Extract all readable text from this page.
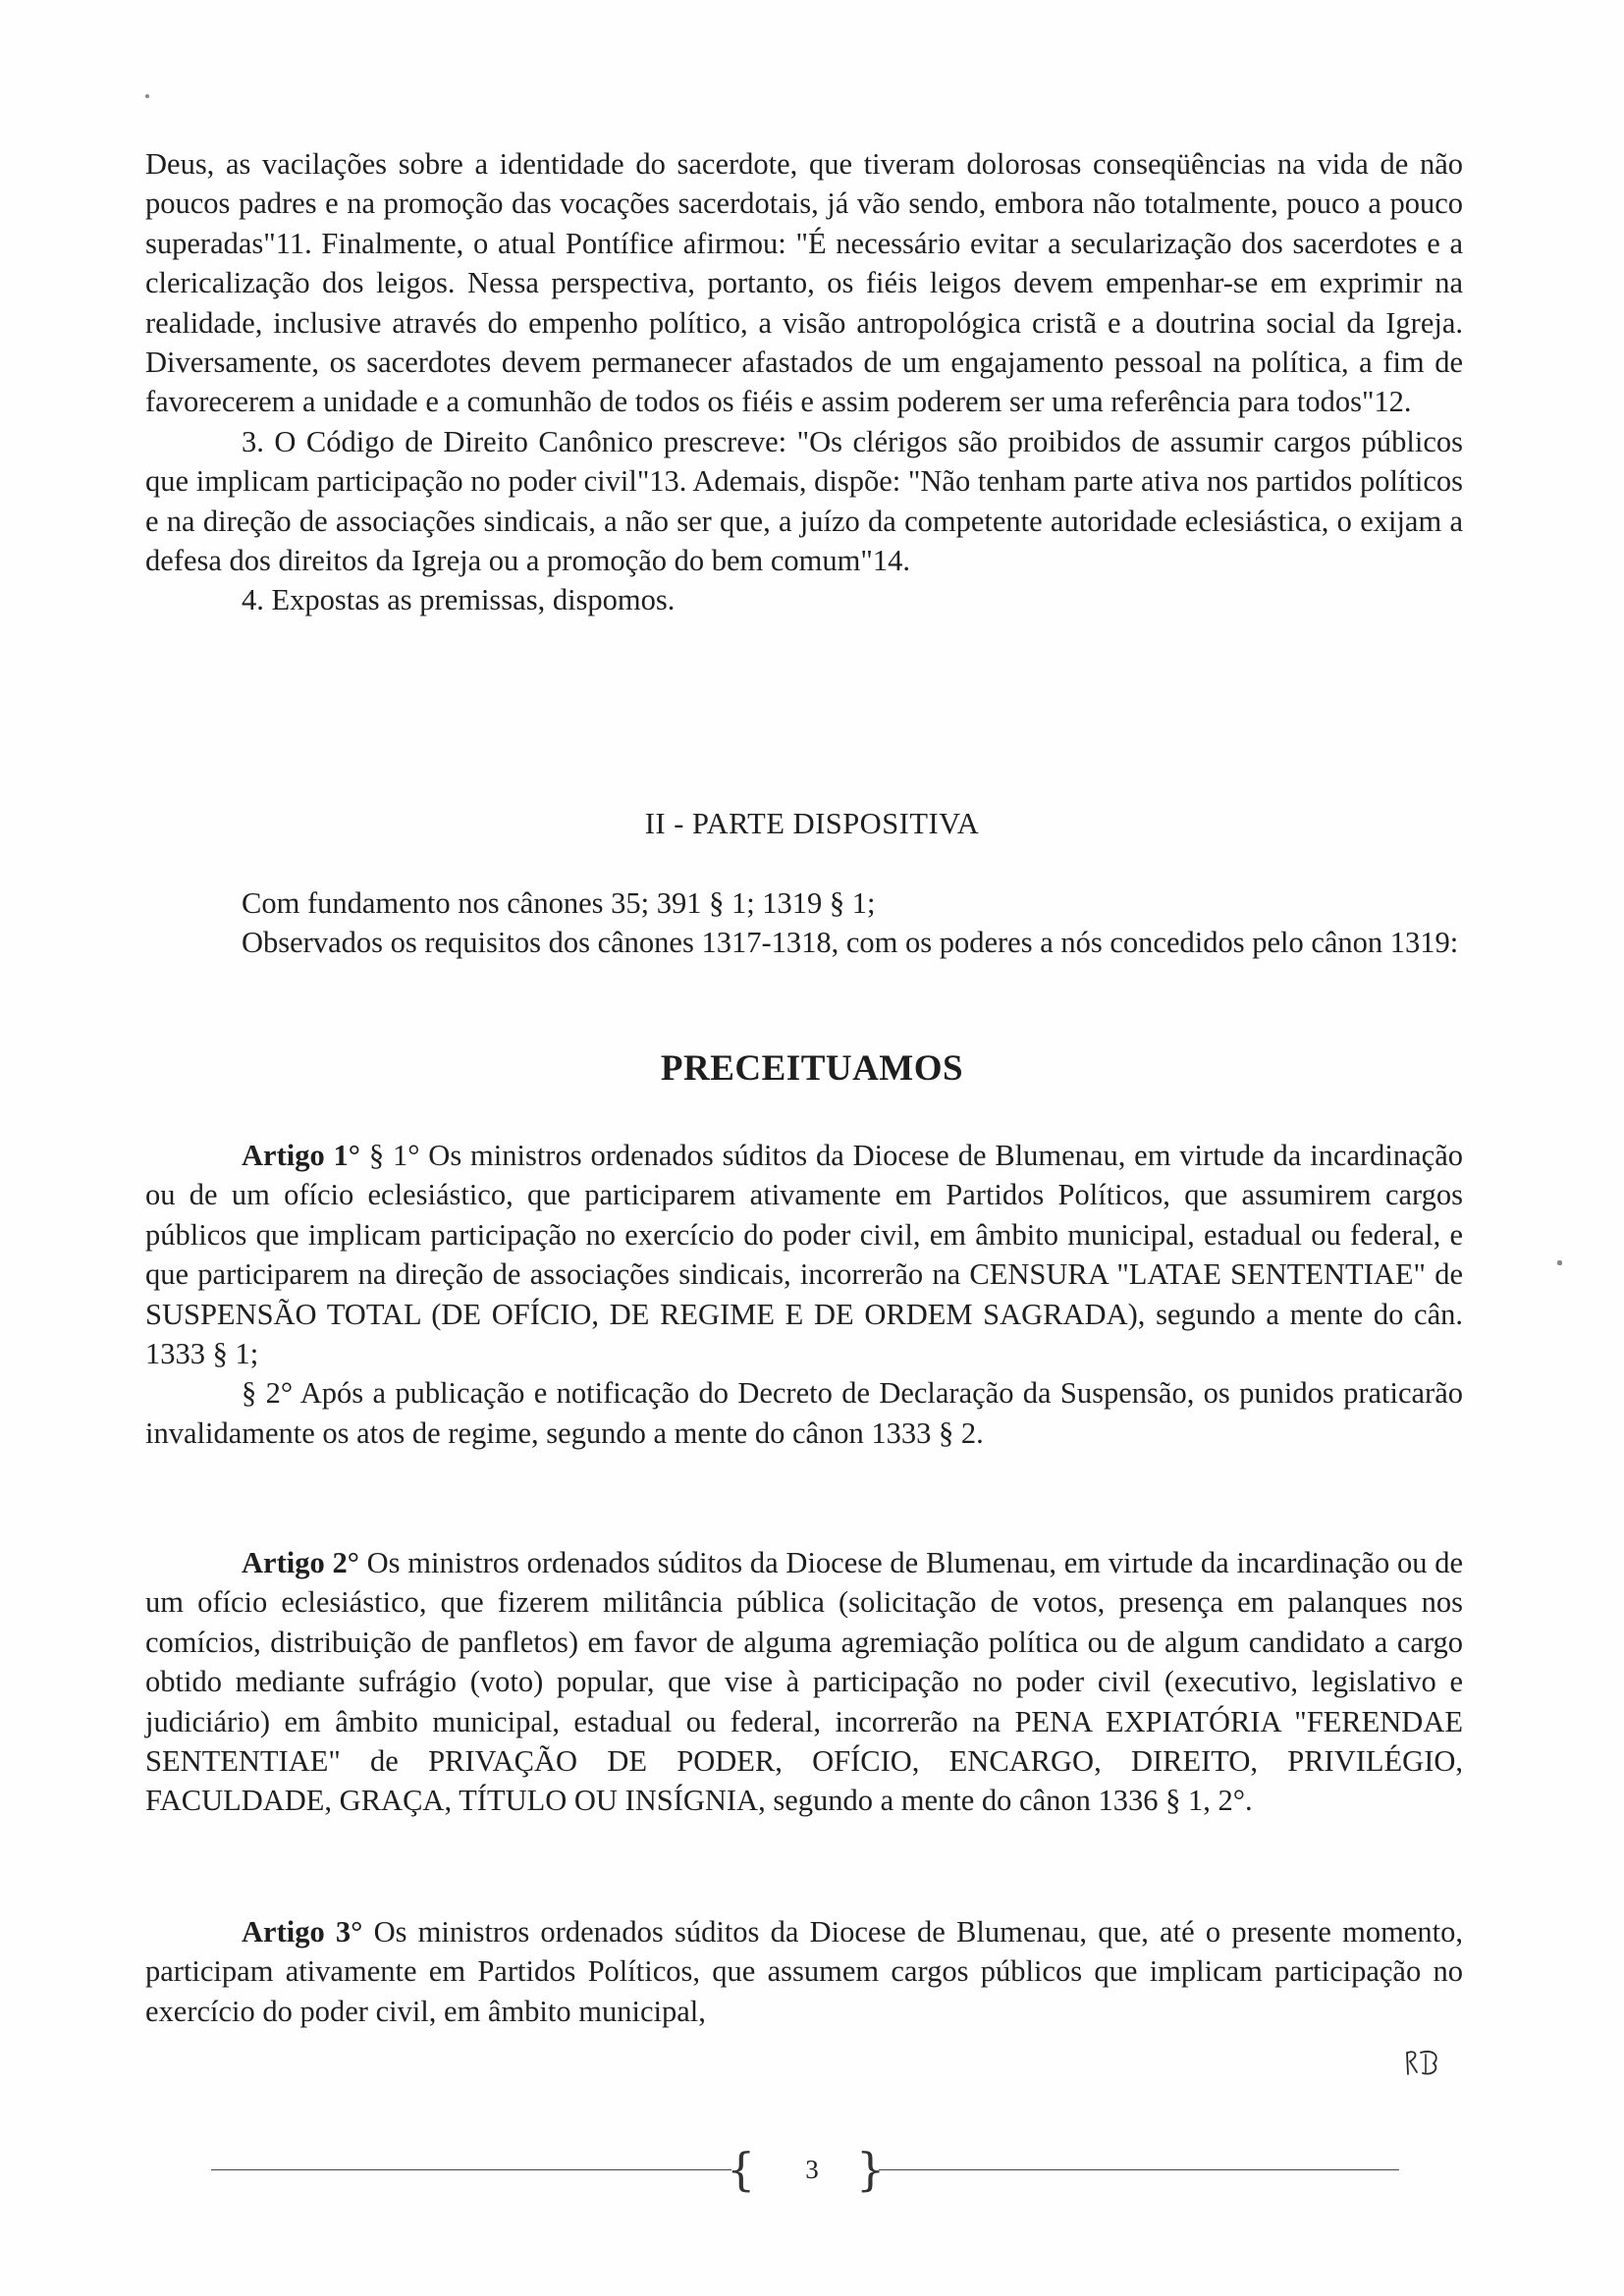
Deus, as vacilações sobre a identidade do sacerdote, que tiveram dolorosas conseqüências na vida de não poucos padres e na promoção das vocações sacerdotais, já vão sendo, embora não totalmente, pouco a pouco superadas"11. Finalmente, o atual Pontífice afirmou: "É necessário evitar a secularização dos sacerdotes e a clericalização dos leigos. Nessa perspectiva, portanto, os fiéis leigos devem empenhar-se em exprimir na realidade, inclusive através do empenho político, a visão antropológica cristã e a doutrina social da Igreja. Diversamente, os sacerdotes devem permanecer afastados de um engajamento pessoal na política, a fim de favorecerem a unidade e a comunhão de todos os fiéis e assim poderem ser uma referência para todos"12.

3. O Código de Direito Canônico prescreve: "Os clérigos são proibidos de assumir cargos públicos que implicam participação no poder civil"13. Ademais, dispõe: "Não tenham parte ativa nos partidos políticos e na direção de associações sindicais, a não ser que, a juízo da competente autoridade eclesiástica, o exijam a defesa dos direitos da Igreja ou a promoção do bem comum"14.

4. Expostas as premissas, dispomos.

II - PARTE DISPOSITIVA

Com fundamento nos cânones 35; 391 § 1; 1319 § 1;

Observados os requisitos dos cânones 1317-1318, com os poderes a nós concedidos pelo cânon 1319:

PRECEITUAMOS

Artigo 1° § 1° Os ministros ordenados súditos da Diocese de Blumenau, em virtude da incardinação ou de um ofício eclesiástico, que participarem ativamente em Partidos Políticos, que assumirem cargos públicos que implicam participação no exercício do poder civil, em âmbito municipal, estadual ou federal, e que participarem na direção de associações sindicais, incorrerão na CENSURA "LATAE SENTENTIAE" de SUSPENSÃO TOTAL (DE OFÍCIO, DE REGIME E DE ORDEM SAGRADA), segundo a mente do cân. 1333 § 1;

§ 2° Após a publicação e notificação do Decreto de Declaração da Suspensão, os punidos praticarão invalidamente os atos de regime, segundo a mente do cânon 1333 § 2.

Artigo 2° Os ministros ordenados súditos da Diocese de Blumenau, em virtude da incardinação ou de um ofício eclesiástico, que fizerem militância pública (solicitação de votos, presença em palanques nos comícios, distribuição de panfletos) em favor de alguma agremiação política ou de algum candidato a cargo obtido mediante sufrágio (voto) popular, que vise à participação no poder civil (executivo, legislativo e judiciário) em âmbito municipal, estadual ou federal, incorrerão na PENA EXPIATÓRIA "FERENDAE SENTENTIAE" de PRIVAÇÃO DE PODER, OFÍCIO, ENCARGO, DIREITO, PRIVILÉGIO, FACULDADE, GRAÇA, TÍTULO OU INSÍGNIA, segundo a mente do cânon 1336 § 1, 2°.

Artigo 3° Os ministros ordenados súditos da Diocese de Blumenau, que, até o presente momento, participam ativamente em Partidos Políticos, que assumem cargos públicos que implicam participação no exercício do poder civil, em âmbito municipal,

{	3 }
